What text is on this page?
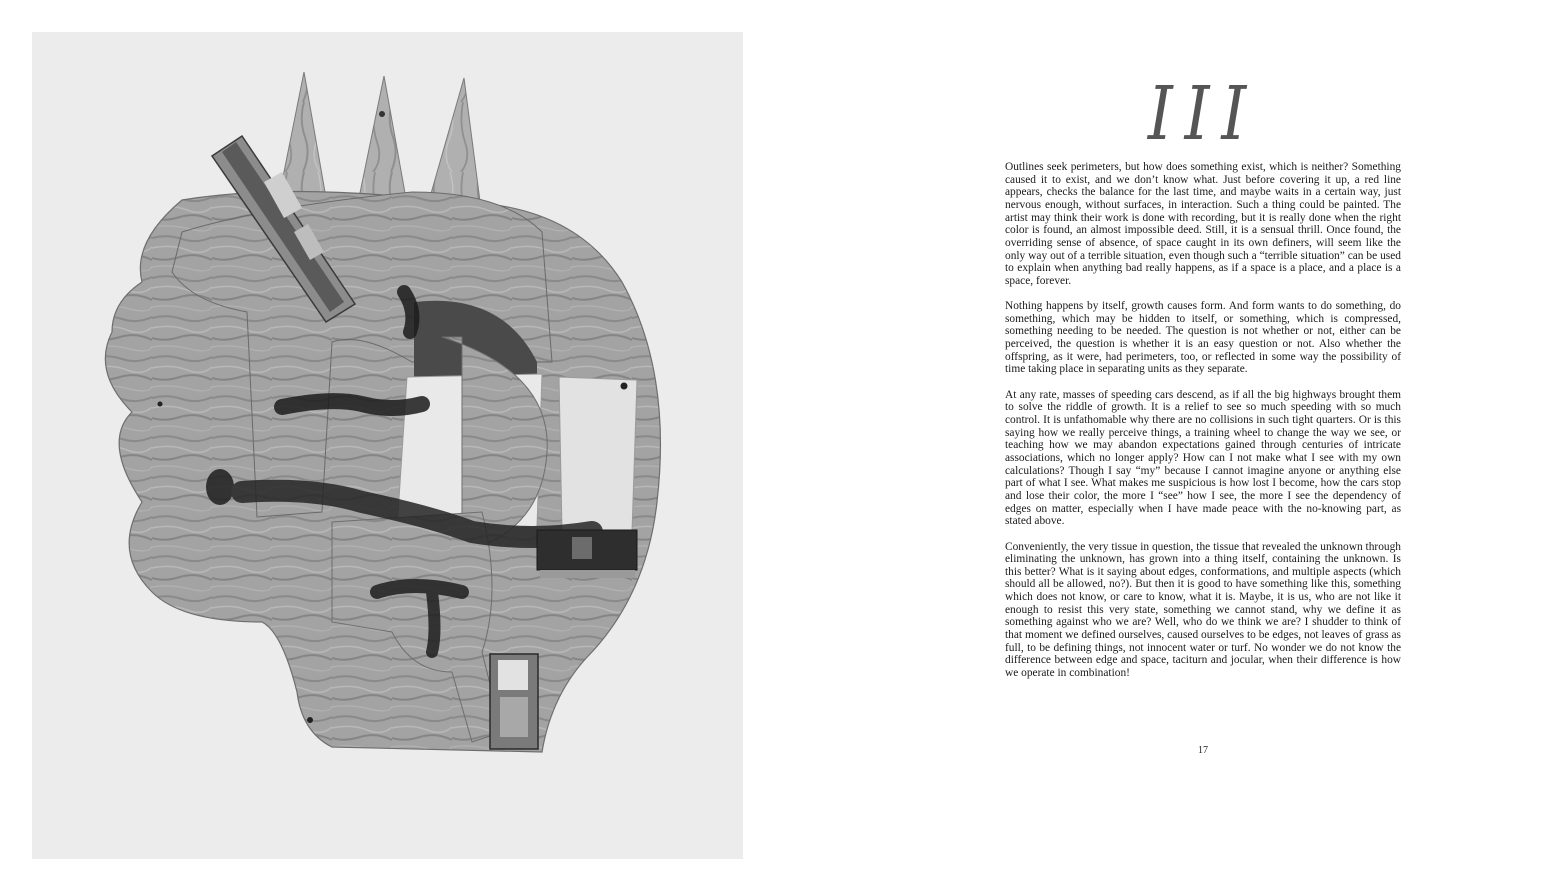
III

Outlines seek perimeters, but how does something exist, which is neither? Something caused it to exist, and we don’t know what. Just before covering it up, a red line appears, checks the balance for the last time, and maybe waits in a certain way, just nervous enough, without surfaces, in interaction. Such a thing could be painted. The artist may think their work is done with recording, but it is really done when the right color is found, an almost impossible deed. Still, it is a sensual thrill. Once found, the overriding sense of absence, of space caught in its own definers, will seem like the only way out of a terrible situation, even though such a “terrible situation” can be used to explain when anything bad really happens, as if a space is a place, and a place is a space, forever.

Nothing happens by itself, growth causes form. And form wants to do something, do something, which may be hidden to itself, or something, which is compressed, something needing to be needed. The question is not whether or not, either can be perceived, the question is whether it is an easy question or not. Also whether the offspring, as it were, had perimeters, too, or reflected in some way the possibility of time taking place in separating units as they separate.

At any rate, masses of speeding cars descend, as if all the big highways brought them to solve the riddle of growth. It is a relief to see so much speeding with so much control. It is unfathomable why there are no collisions in such tight quarters. Or is this saying how we really perceive things, a training wheel to change the way we see, or teaching how we may abandon expectations gained through centuries of intricate associations, which no longer apply? How can I not make what I see with my own calculations? Though I say “my” because I cannot imagine anyone or anything else part of what I see. What makes me suspicious is how lost I become, how the cars stop and lose their color, the more I “see” how I see, the more I see the dependency of edges on matter, especially when I have made peace with the no-knowing part, as stated above.

Conveniently, the very tissue in question, the tissue that revealed the unknown through eliminating the unknown, has grown into a thing itself, containing the unknown. Is this better? What is it saying about edges, conformations, and multiple aspects (which should all be allowed, no?). But then it is good to have something like this, something which does not know, or care to know, what it is. Maybe, it is us, who are not like it enough to resist this very state, something we cannot stand, why we define it as something against who we are? Well, who do we think we are? I shudder to think of that moment we defined ourselves, caused ourselves to be edges, not leaves of grass as full, to be defining things, not innocent water or turf. No wonder we do not know the difference between edge and space, taciturn and jocular, when their difference is how we operate in combination!

17
